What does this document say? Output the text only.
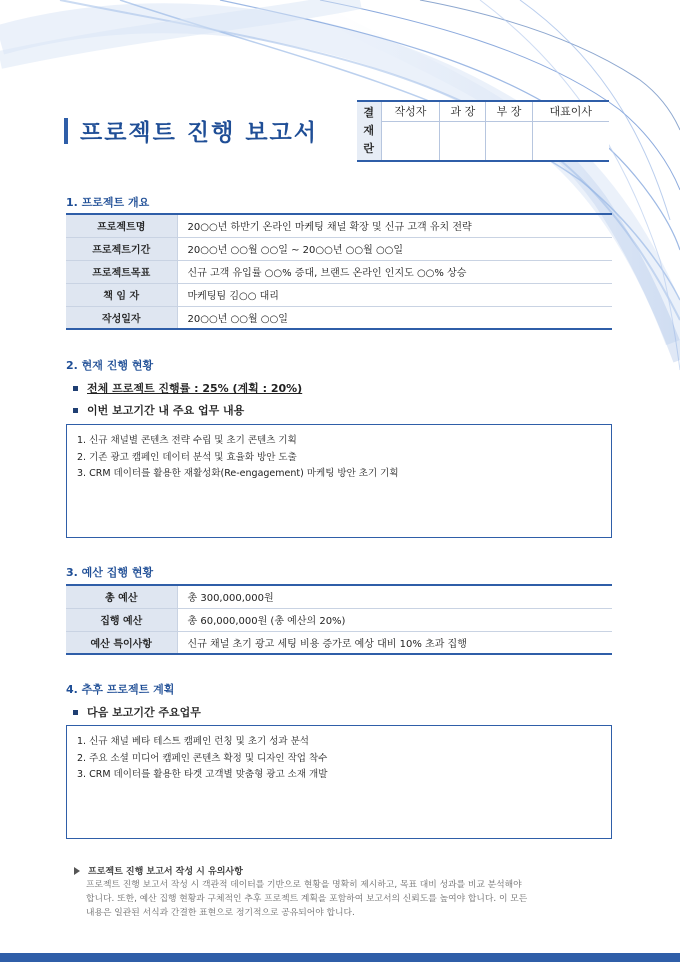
프로젝트 진행 보고서
결
재
란	작성자	과 장	부 장	대표이사

1. 프로젝트 개요
프로젝트명	20○○년 하반기 온라인 마케팅 채널 확장 및 신규 고객 유치 전략
프로젝트기간	20○○년 ○○월 ○○일 ~ 20○○년 ○○월 ○○일
프로젝트목표	신규 고객 유입률 ○○% 증대, 브랜드 온라인 인지도 ○○% 상승
책 임 자	마케팅팀 김○○ 대리
작성일자	20○○년 ○○월 ○○일
2. 현재 진행 현황
전체 프로젝트 진행률 : 25% (계획 : 20%)
이번 보고기간 내 주요 업무 내용
1. 신규 채널별 콘텐츠 전략 수립 및 초기 콘텐츠 기획
2. 기존 광고 캠페인 데이터 분석 및 효율화 방안 도출
3. CRM 데이터를 활용한 재활성화(Re-engagement) 마케팅 방안 초기 기획
3. 예산 집행 현황
총 예산	총 300,000,000원
집행 예산	총 60,000,000원 (총 예산의 20%)
예산 특이사항	신규 채널 초기 광고 세팅 비용 증가로 예상 대비 10% 초과 집행
4. 추후 프로젝트 계획
다음 보고기간 주요업무
1. 신규 채널 베타 테스트 캠페인 런칭 및 초기 성과 분석
2. 주요 소셜 미디어 캠페인 콘텐츠 확정 및 디자인 작업 착수
3. CRM 데이터를 활용한 타겟 고객별 맞춤형 광고 소재 개발
프로젝트 진행 보고서 작성 시 유의사항
프로젝트 진행 보고서 작성 시 객관적 데이터를 기반으로 현황을 명확히 제시하고, 목표 대비 성과를 비교 분석해야
합니다. 또한, 예산 집행 현황과 구체적인 추후 프로젝트 계획을 포함하여 보고서의 신뢰도를 높여야 합니다. 이 모든
내용은 일관된 서식과 간결한 표현으로 정기적으로 공유되어야 합니다.
